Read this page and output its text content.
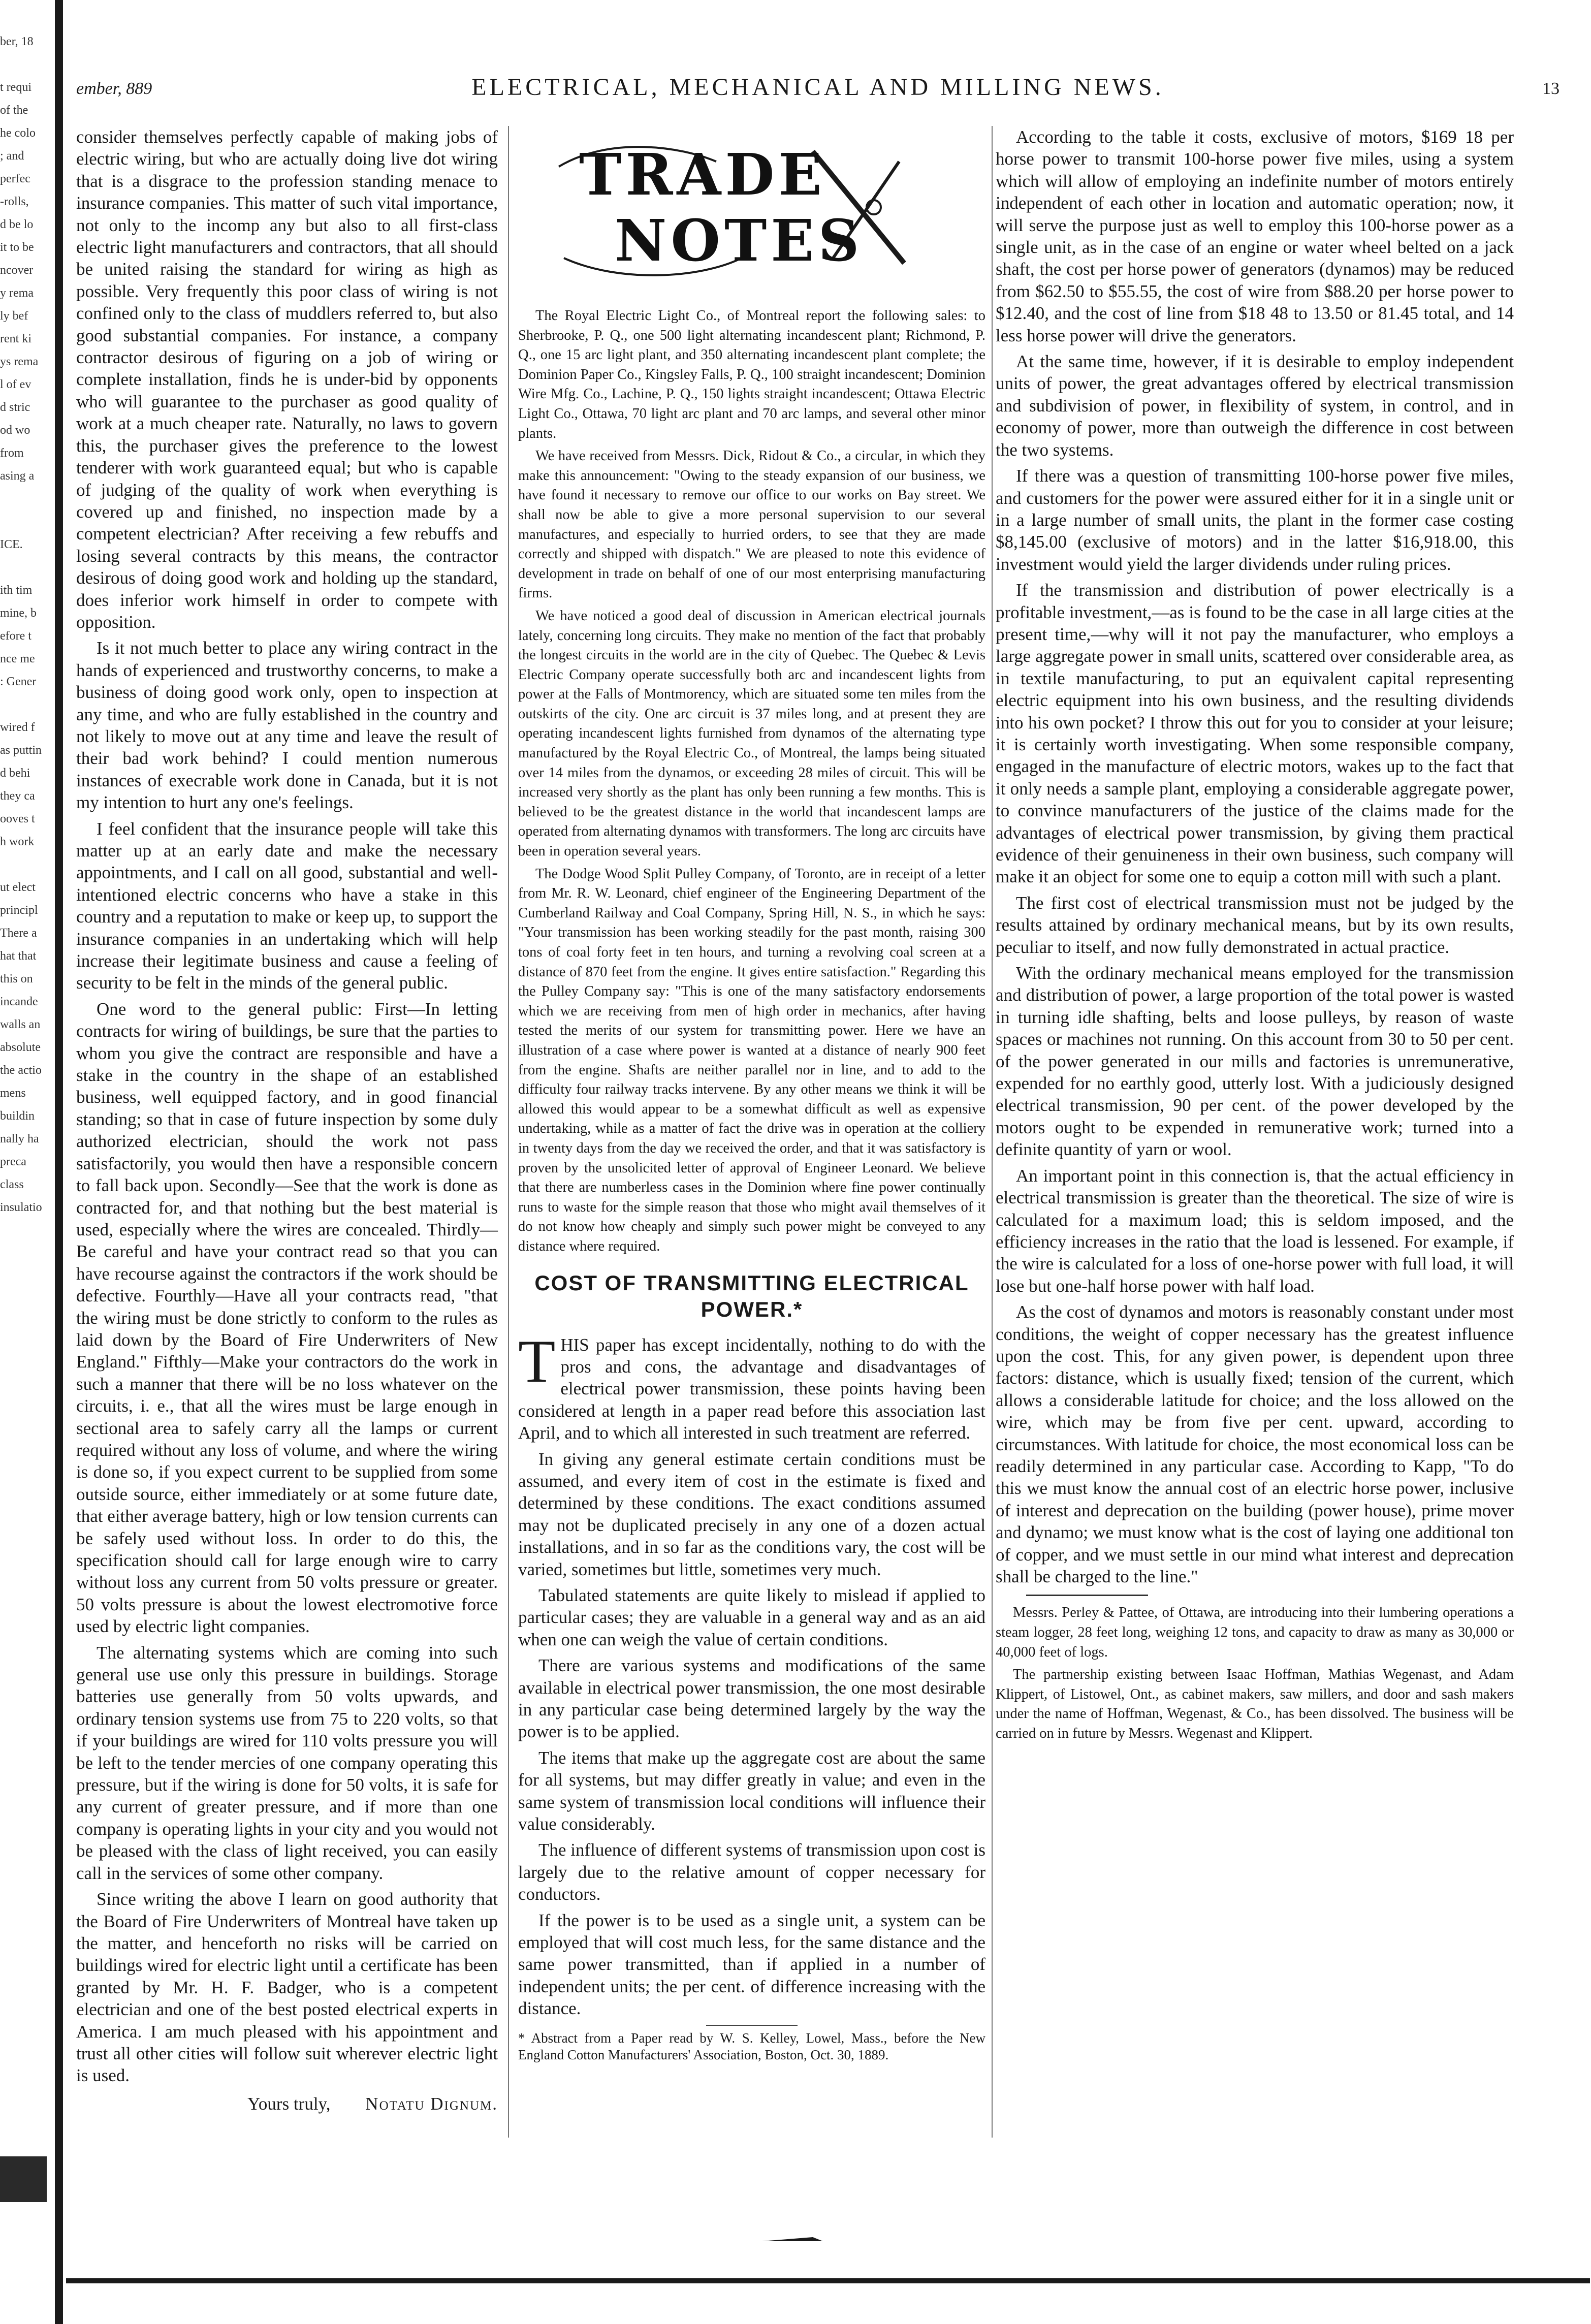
ber, 18

t requi
of the
he colo
; and
perfec
-rolls,
d be lo
it to be
ncover
y rema
ly bef
rent ki
ys rema
l of ev
d stric
od wo
from
asing a

ICE.

ith tim
mine, b
efore t
nce me
: Gener

wired f
as puttin
d behi
they ca
ooves t
h work

ut elect
principl
There a
hat that
this on
incande
walls an
absolute
the actio
mens
buildin
nally ha
preca
class
insulatio
ember, 889	ELECTRICAL, MECHANICAL AND MILLING NEWS.	13

consider themselves perfectly capable of making jobs of electric wiring, but who are actually doing live dot wiring that is a disgrace to the profession standing menace to insurance companies. This matter of such vital importance, not only to the incomp any but also to all first-class electric light manufacturers and contractors, that all should be united raising the standard for wiring as high as possible. Very frequently this poor class of wiring is not confined only to the class of muddlers referred to, but also good substantial companies. For instance, a company contractor desirous of figuring on a job of wiring or complete installation, finds he is under-bid by opponents who will guarantee to the purchaser as good quality of work at a much cheaper rate. Naturally, no laws to govern this, the purchaser gives the preference to the lowest tenderer with work guaranteed equal; but who is capable of judging of the quality of work when everything is covered up and finished, no inspection made by a competent electrician? After receiving a few rebuffs and losing several contracts by this means, the contractor desirous of doing good work and holding up the standard, does inferior work himself in order to compete with opposition.

Is it not much better to place any wiring contract in the hands of experienced and trustworthy concerns, to make a business of doing good work only, open to inspection at any time, and who are fully established in the country and not likely to move out at any time and leave the result of their bad work behind? I could mention numerous instances of execrable work done in Canada, but it is not my intention to hurt any one's feelings.

I feel confident that the insurance people will take this matter up at an early date and make the necessary appointments, and I call on all good, substantial and well-intentioned electric concerns who have a stake in this country and a reputation to make or keep up, to support the insurance companies in an undertaking which will help increase their legitimate business and cause a feeling of security to be felt in the minds of the general public.

One word to the general public: First—In letting contracts for wiring of buildings, be sure that the parties to whom you give the contract are responsible and have a stake in the country in the shape of an established business, well equipped factory, and in good financial standing; so that in case of future inspection by some duly authorized electrician, should the work not pass satisfactorily, you would then have a responsible concern to fall back upon. Secondly—See that the work is done as contracted for, and that nothing but the best material is used, especially where the wires are concealed. Thirdly—Be careful and have your contract read so that you can have recourse against the contractors if the work should be defective. Fourthly—Have all your contracts read, "that the wiring must be done strictly to conform to the rules as laid down by the Board of Fire Underwriters of New England." Fifthly—Make your contractors do the work in such a manner that there will be no loss whatever on the circuits, i. e., that all the wires must be large enough in sectional area to safely carry all the lamps or current required without any loss of volume, and where the wiring is done so, if you expect current to be supplied from some outside source, either immediately or at some future date, that either average battery, high or low tension currents can be safely used without loss. In order to do this, the specification should call for large enough wire to carry without loss any current from 50 volts pressure or greater. 50 volts pressure is about the lowest electromotive force used by electric light companies.

The alternating systems which are coming into such general use use only this pressure in buildings. Storage batteries use generally from 50 volts upwards, and ordinary tension systems use from 75 to 220 volts, so that if your buildings are wired for 110 volts pressure you will be left to the tender mercies of one company operating this pressure, but if the wiring is done for 50 volts, it is safe for any current of greater pressure, and if more than one company is operating lights in your city and you would not be pleased with the class of light received, you can easily call in the services of some other company.

Since writing the above I learn on good authority that the Board of Fire Underwriters of Montreal have taken up the matter, and henceforth no risks will be carried on buildings wired for electric light until a certificate has been granted by Mr. H. F. Badger, who is a competent electrician and one of the best posted electrical experts in America. I am much pleased with his appointment and trust all other cities will follow suit wherever electric light is used.

Yours truly, Notatu Dignum.
TRADE
NOTES

The Royal Electric Light Co., of Montreal report the following sales: to Sherbrooke, P. Q., one 500 light alternating incandescent plant; Richmond, P. Q., one 15 arc light plant, and 350 alternating incandescent plant complete; the Dominion Paper Co., Kingsley Falls, P. Q., 100 straight incandescent; Dominion Wire Mfg. Co., Lachine, P. Q., 150 lights straight incandescent; Ottawa Electric Light Co., Ottawa, 70 light arc plant and 70 arc lamps, and several other minor plants.

We have received from Messrs. Dick, Ridout & Co., a circular, in which they make this announcement: "Owing to the steady expansion of our business, we have found it necessary to remove our office to our works on Bay street. We shall now be able to give a more personal supervision to our several manufactures, and especially to hurried orders, to see that they are made correctly and shipped with dispatch." We are pleased to note this evidence of development in trade on behalf of one of our most enterprising manufacturing firms.

We have noticed a good deal of discussion in American electrical journals lately, concerning long circuits. They make no mention of the fact that probably the longest circuits in the world are in the city of Quebec. The Quebec & Levis Electric Company operate successfully both arc and incandescent lights from power at the Falls of Montmorency, which are situated some ten miles from the outskirts of the city. One arc circuit is 37 miles long, and at present they are operating incandescent lights furnished from dynamos of the alternating type manufactured by the Royal Electric Co., of Montreal, the lamps being situated over 14 miles from the dynamos, or exceeding 28 miles of circuit. This will be increased very shortly as the plant has only been running a few months. This is believed to be the greatest distance in the world that incandescent lamps are operated from alternating dynamos with transformers. The long arc circuits have been in operation several years.

The Dodge Wood Split Pulley Company, of Toronto, are in receipt of a letter from Mr. R. W. Leonard, chief engineer of the Engineering Department of the Cumberland Railway and Coal Company, Spring Hill, N. S., in which he says: "Your transmission has been working steadily for the past month, raising 300 tons of coal forty feet in ten hours, and turning a revolving coal screen at a distance of 870 feet from the engine. It gives entire satisfaction." Regarding this the Pulley Company say: "This is one of the many satisfactory endorsements which we are receiving from men of high order in mechanics, after having tested the merits of our system for transmitting power. Here we have an illustration of a case where power is wanted at a distance of nearly 900 feet from the engine. Shafts are neither parallel nor in line, and to add to the difficulty four railway tracks intervene. By any other means we think it will be allowed this would appear to be a somewhat difficult as well as expensive undertaking, while as a matter of fact the drive was in operation at the colliery in twenty days from the day we received the order, and that it was satisfactory is proven by the unsolicited letter of approval of Engineer Leonard. We believe that there are numberless cases in the Dominion where fine power continually runs to waste for the simple reason that those who might avail themselves of it do not know how cheaply and simply such power might be conveyed to any distance where required.

COST OF TRANSMITTING ELECTRICAL POWER.*

THIS paper has except incidentally, nothing to do with the pros and cons, the advantage and disadvantages of electrical power transmission, these points having been considered at length in a paper read before this association last April, and to which all interested in such treatment are referred.

In giving any general estimate certain conditions must be assumed, and every item of cost in the estimate is fixed and determined by these conditions. The exact conditions assumed may not be duplicated precisely in any one of a dozen actual installations, and in so far as the conditions vary, the cost will be varied, sometimes but little, sometimes very much.

Tabulated statements are quite likely to mislead if applied to particular cases; they are valuable in a general way and as an aid when one can weigh the value of certain conditions.

There are various systems and modifications of the same available in electrical power transmission, the one most desirable in any particular case being determined largely by the way the power is to be applied.

The items that make up the aggregate cost are about the same for all systems, but may differ greatly in value; and even in the same system of transmission local conditions will influence their value considerably.

The influence of different systems of transmission upon cost is largely due to the relative amount of copper necessary for conductors.

If the power is to be used as a single unit, a system can be employed that will cost much less, for the same distance and the same power transmitted, than if applied in a number of independent units; the per cent. of difference increasing with the distance.

* Abstract from a Paper read by W. S. Kelley, Lowel, Mass., before the New England Cotton Manufacturers' Association, Boston, Oct. 30, 1889.

According to the table it costs, exclusive of motors, $169 18 per horse power to transmit 100-horse power five miles, using a system which will allow of employing an indefinite number of motors entirely independent of each other in location and automatic operation; now, it will serve the purpose just as well to employ this 100-horse power as a single unit, as in the case of an engine or water wheel belted on a jack shaft, the cost per horse power of generators (dynamos) may be reduced from $62.50 to $55.55, the cost of wire from $88.20 per horse power to $12.40, and the cost of line from $18 48 to 13.50 or 81.45 total, and 14 less horse power will drive the generators.

At the same time, however, if it is desirable to employ independent units of power, the great advantages offered by electrical transmission and subdivision of power, in flexibility of system, in control, and in economy of power, more than outweigh the difference in cost between the two systems.

If there was a question of transmitting 100-horse power five miles, and customers for the power were assured either for it in a single unit or in a large number of small units, the plant in the former case costing $8,145.00 (exclusive of motors) and in the latter $16,918.00, this investment would yield the larger dividends under ruling prices.

If the transmission and distribution of power electrically is a profitable investment,—as is found to be the case in all large cities at the present time,—why will it not pay the manufacturer, who employs a large aggregate power in small units, scattered over considerable area, as in textile manufacturing, to put an equivalent capital representing electric equipment into his own business, and the resulting dividends into his own pocket? I throw this out for you to consider at your leisure; it is certainly worth investigating. When some responsible company, engaged in the manufacture of electric motors, wakes up to the fact that it only needs a sample plant, employing a considerable aggregate power, to convince manufacturers of the justice of the claims made for the advantages of electrical power transmission, by giving them practical evidence of their genuineness in their own business, such company will make it an object for some one to equip a cotton mill with such a plant.

The first cost of electrical transmission must not be judged by the results attained by ordinary mechanical means, but by its own results, peculiar to itself, and now fully demonstrated in actual practice.

With the ordinary mechanical means employed for the transmission and distribution of power, a large proportion of the total power is wasted in turning idle shafting, belts and loose pulleys, by reason of waste spaces or machines not running. On this account from 30 to 50 per cent. of the power generated in our mills and factories is unremunerative, expended for no earthly good, utterly lost. With a judiciously designed electrical transmission, 90 per cent. of the power developed by the motors ought to be expended in remunerative work; turned into a definite quantity of yarn or wool.

An important point in this connection is, that the actual efficiency in electrical transmission is greater than the theoretical. The size of wire is calculated for a maximum load; this is seldom imposed, and the efficiency increases in the ratio that the load is lessened. For example, if the wire is calculated for a loss of one-horse power with full load, it will lose but one-half horse power with half load.

As the cost of dynamos and motors is reasonably constant under most conditions, the weight of copper necessary has the greatest influence upon the cost. This, for any given power, is dependent upon three factors: distance, which is usually fixed; tension of the current, which allows a considerable latitude for choice; and the loss allowed on the wire, which may be from five per cent. upward, according to circumstances. With latitude for choice, the most economical loss can be readily determined in any particular case. According to Kapp, "To do this we must know the annual cost of an electric horse power, inclusive of interest and deprecation on the building (power house), prime mover and dynamo; we must know what is the cost of laying one additional ton of copper, and we must settle in our mind what interest and deprecation shall be charged to the line."

Messrs. Perley & Pattee, of Ottawa, are introducing into their lumbering operations a steam logger, 28 feet long, weighing 12 tons, and capacity to draw as many as 30,000 or 40,000 feet of logs.

The partnership existing between Isaac Hoffman, Mathias Wegenast, and Adam Klippert, of Listowel, Ont., as cabinet makers, saw millers, and door and sash makers under the name of Hoffman, Wegenast, & Co., has been dissolved. The business will be carried on in future by Messrs. Wegenast and Klippert.
